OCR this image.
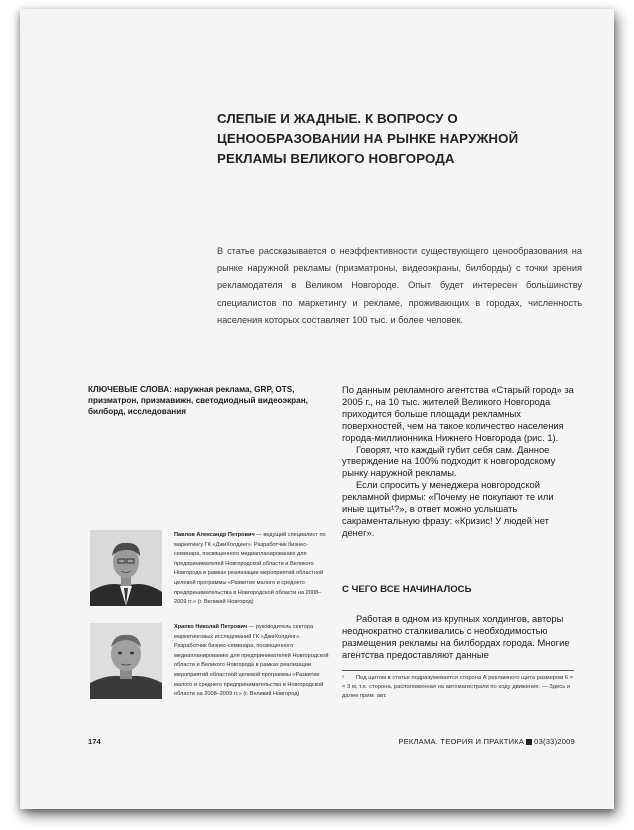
СЛЕПЫЕ И ЖАДНЫЕ. К ВОПРОСУ О ЦЕНООБРАЗОВАНИИ НА РЫНКЕ НАРУЖНОЙ РЕКЛАМЫ ВЕЛИКОГО НОВГОРОДА
В статье рассказывается о неэффективности существующего ценообразования на рынке наружной рекламы (призматроны, видеоэкраны, билборды) с точки зрения рекламодателя в Великом Новгороде. Опыт будет интересен большинству специалистов по маркетингу и рекламе, проживающих в городах, численность населения которых составляет 100 тыс. и более человек.
КЛЮЧЕВЫЕ СЛОВА: наружная реклама, GRP, OTS, призматрон, призмавижн, светодиодный видеоэкран, билборд, исследования

По данным рекламного агентства «Старый город» за 2005 г., на 10 тыс. жителей Великого Новгорода приходится больше площади рекламных поверхностей, чем на такое количество населения города-миллионника Нижнего Новгорода (рис. 1).

Говорят, что каждый губит себя сам. Данное утверждение на 100% подходит к новгородскому рынку наружной рекламы.

Если спросить у менеджера новгородской рекламной фирмы: «Почему не покупают те или иные щиты¹?», в ответ можно услышать сакраментальную фразу: «Кризис! У людей нет денег».

С ЧЕГО ВСЕ НАЧИНАЛОСЬ

Работая в одном из крупных холдингов, авторы неоднократно сталкивались с необходимостью размещения рекламы на билбордах города. Многие агентства предоставляют данные

¹ Под щитом в статье подразумевается сторона А рекламного щита размером 6 × × 3 м, т.е. сторона, расположенная на автомагистрали по ходу движения. — Здесь и далее прим. авт.
Павлов Александр Петрович — ведущий специалист по маркетингу ГК «ДжиХолдинг». Разработчик бизнес-семинара, посвященного медиапланированию для предпринимателей Новгородской области и Великого Новгорода в рамках реализации мероприятий областной целевой программы «Развитие малого и среднего предпринимательства в Новгородской области на 2008–2009 гг.» (г. Великий Новгород)
Храпко Николай Петрович — руководитель сектора маркетинговых исследований ГК «ДжиХолдинг». Разработчик бизнес-семинара, посвященного медиапланированию для предпринимателей Новгородской области и Великого Новгорода в рамках реализации мероприятий областной целевой программы «Развитие малого и среднего предпринимательства в Новгородской области на 2008–2009 гг.» (г. Великий Новгород)
174	РЕКЛАМА. ТЕОРИЯ И ПРАКТИКА 03(33)2009
